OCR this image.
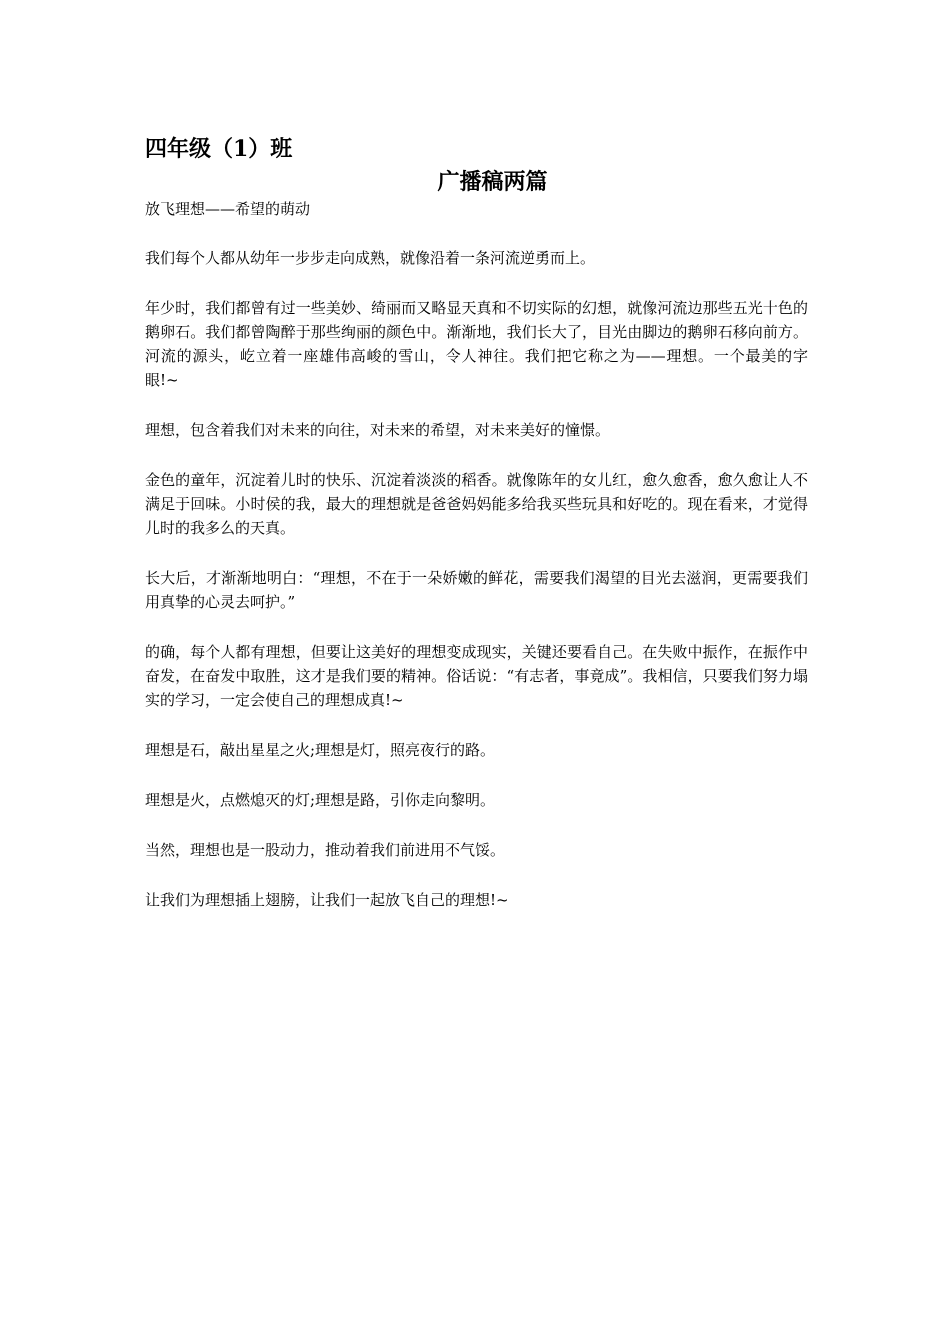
四年级（1）班
广播稿两篇

放飞理想——希望的萌动

我们每个人都从幼年一步步走向成熟，就像沿着一条河流逆勇而上。

年少时，我们都曾有过一些美妙、绮丽而又略显天真和不切实际的幻想，就像河流边那些五光十色的鹅卵石。我们都曾陶醉于那些绚丽的颜色中。渐渐地，我们长大了，目光由脚边的鹅卵石移向前方。河流的源头，屹立着一座雄伟高峻的雪山，令人神往。我们把它称之为——理想。一个最美的字眼!~

理想，包含着我们对未来的向往，对未来的希望，对未来美好的憧憬。

金色的童年，沉淀着儿时的快乐、沉淀着淡淡的稻香。就像陈年的女儿红，愈久愈香，愈久愈让人不满足于回味。小时侯的我，最大的理想就是爸爸妈妈能多给我买些玩具和好吃的。现在看来，才觉得儿时的我多么的天真。

长大后，才渐渐地明白：“理想，不在于一朵娇嫩的鲜花，需要我们渴望的目光去滋润，更需要我们用真挚的心灵去呵护。”

的确，每个人都有理想，但要让这美好的理想变成现实，关键还要看自己。在失败中振作，在振作中奋发，在奋发中取胜，这才是我们要的精神。俗话说：“有志者，事竟成”。我相信，只要我们努力塌实的学习，一定会使自己的理想成真!~

理想是石，敲出星星之火;理想是灯，照亮夜行的路。

理想是火，点燃熄灭的灯;理想是路，引你走向黎明。

当然，理想也是一股动力，推动着我们前进用不气馁。

让我们为理想插上翅膀，让我们一起放飞自己的理想!~
